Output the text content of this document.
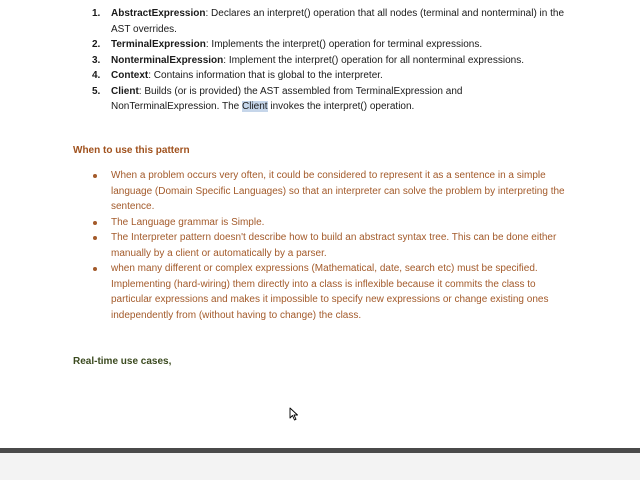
1. AbstractExpression: Declares an interpret() operation that all nodes (terminal and nonterminal) in the AST overrides.
2. TerminalExpression: Implements the interpret() operation for terminal expressions.
3. NonterminalExpression: Implement the interpret() operation for all nonterminal expressions.
4. Context: Contains information that is global to the interpreter.
5. Client: Builds (or is provided) the AST assembled from TerminalExpression and NonTerminalExpression. The Client invokes the interpret() operation.
When to use this pattern
When a problem occurs very often, it could be considered to represent it as a sentence in a simple language (Domain Specific Languages) so that an interpreter can solve the problem by interpreting the sentence.
The Language grammar is Simple.
The Interpreter pattern doesn't describe how to build an abstract syntax tree. This can be done either manually by a client or automatically by a parser.
when many different or complex expressions (Mathematical, date, search etc) must be specified. Implementing (hard-wiring) them directly into a class is inflexible because it commits the class to particular expressions and makes it impossible to specify new expressions or change existing ones independently from (without having to change) the class.
Real-time use cases,
